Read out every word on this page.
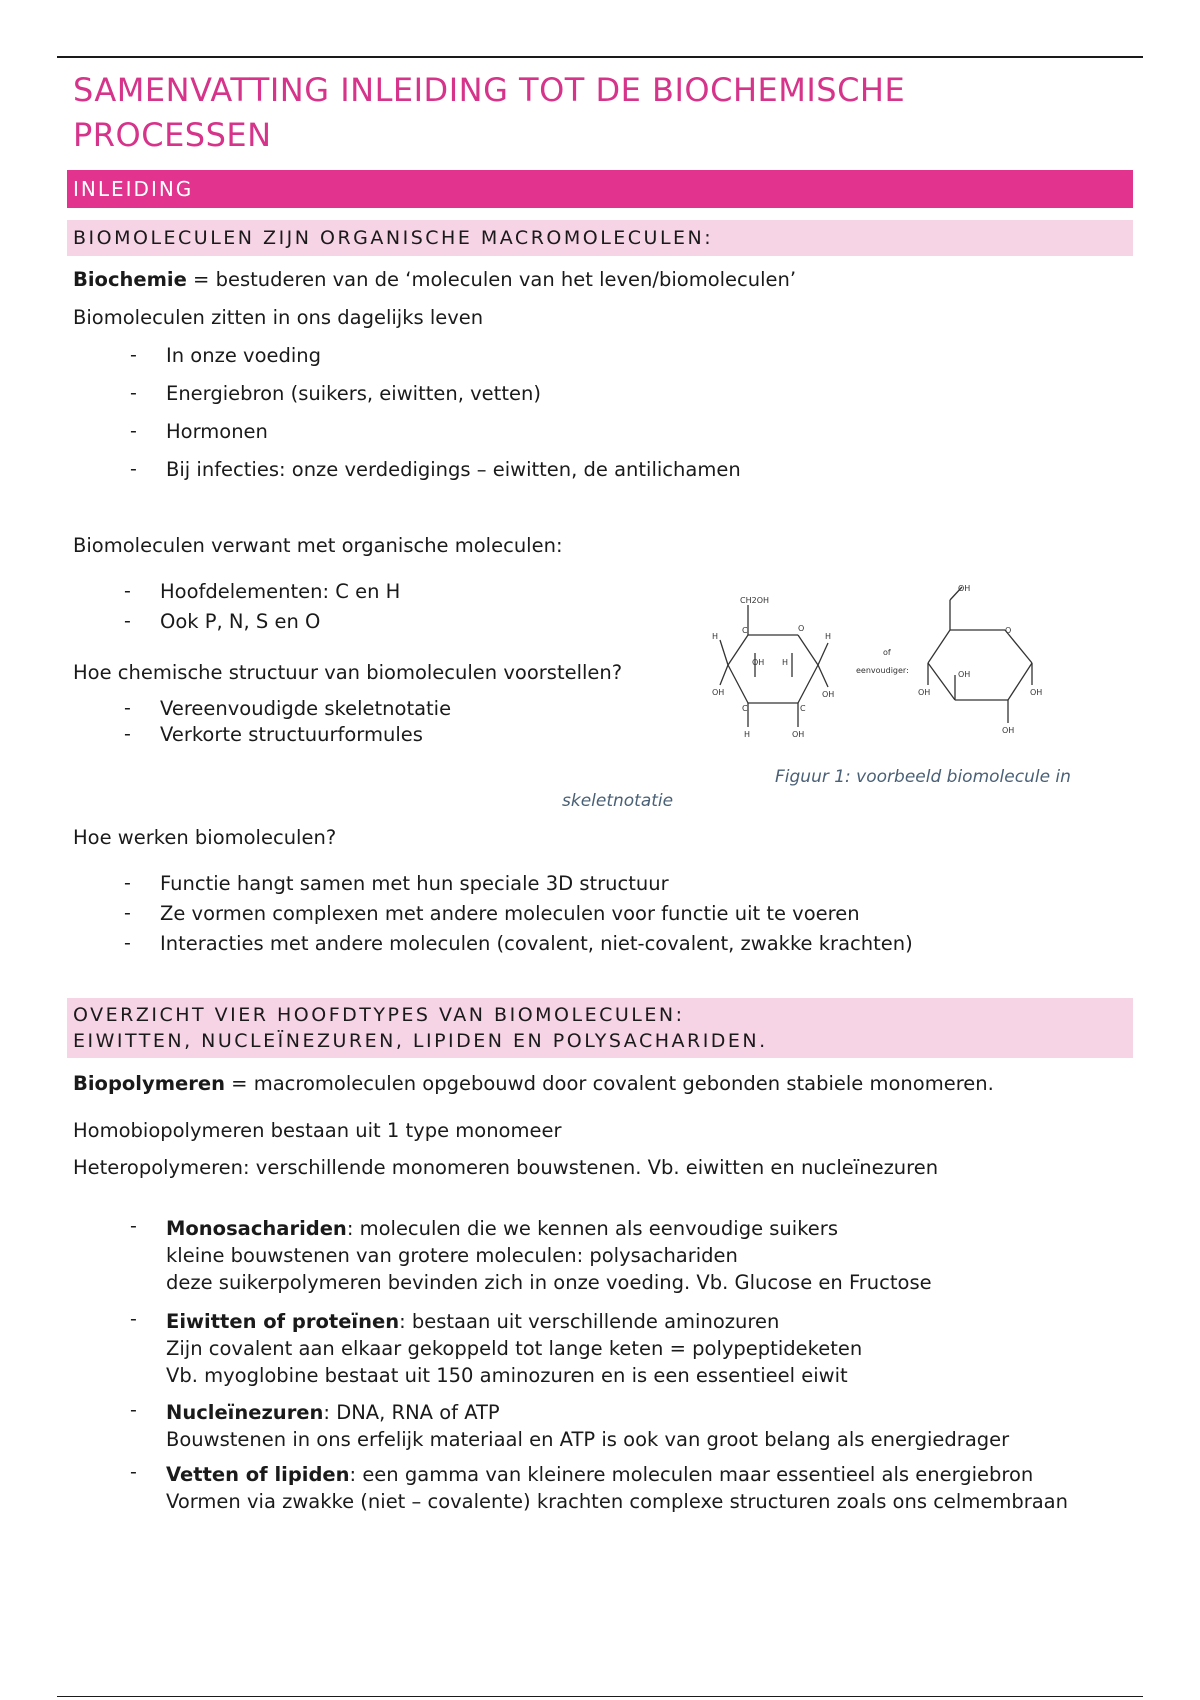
SAMENVATTING INLEIDING TOT DE BIOCHEMISCHE
PROCESSEN
INLEIDING
BIOMOLECULEN ZIJN ORGANISCHE MACROMOLECULEN:
Biochemie = bestuderen van de ‘moleculen van het leven/biomoleculen’
Biomoleculen zitten in ons dagelijks leven
- In onze voeding
- Energiebron (suikers, eiwitten, vetten)
- Hormonen
- Bij infecties: onze verdedigings – eiwitten, de antilichamen
Biomoleculen verwant met organische moleculen:
- Hoofdelementen: C en H
- Ook P, N, S en O
Hoe chemische structuur van biomoleculen voorstellen?
- Vereenvoudigde skeletnotatie
- Verkorte structuurformules
CH2OH
O
H
OH
OH H
H	OH
H
OH
C
C	C
of
eenvoudiger:
OH
O
OH
OH
OH
OH
Figuur 1: voorbeeld biomolecule in
skeletnotatie
Hoe werken biomoleculen?
- Functie hangt samen met hun speciale 3D structuur
- Ze vormen complexen met andere moleculen voor functie uit te voeren
- Interacties met andere moleculen (covalent, niet-covalent, zwakke krachten)
OVERZICHT VIER HOOFDTYPES VAN BIOMOLECULEN:
EIWITTEN, NUCLEÏNEZUREN, LIPIDEN EN POLYSACHARIDEN.
Biopolymeren = macromoleculen opgebouwd door covalent gebonden stabiele monomeren.
Homobiopolymeren bestaan uit 1 type monomeer
Heteropolymeren: verschillende monomeren bouwstenen. Vb. eiwitten en nucleïnezuren
- Monosachariden: moleculen die we kennen als eenvoudige suikers
kleine bouwstenen van grotere moleculen: polysachariden
deze suikerpolymeren bevinden zich in onze voeding. Vb. Glucose en Fructose
- Eiwitten of proteïnen: bestaan uit verschillende aminozuren
Zijn covalent aan elkaar gekoppeld tot lange keten = polypeptideketen
Vb. myoglobine bestaat uit 150 aminozuren en is een essentieel eiwit
- Nucleïnezuren: DNA, RNA of ATP
Bouwstenen in ons erfelijk materiaal en ATP is ook van groot belang als energiedrager
- Vetten of lipiden: een gamma van kleinere moleculen maar essentieel als energiebron
Vormen via zwakke (niet – covalente) krachten complexe structuren zoals ons celmembraan
